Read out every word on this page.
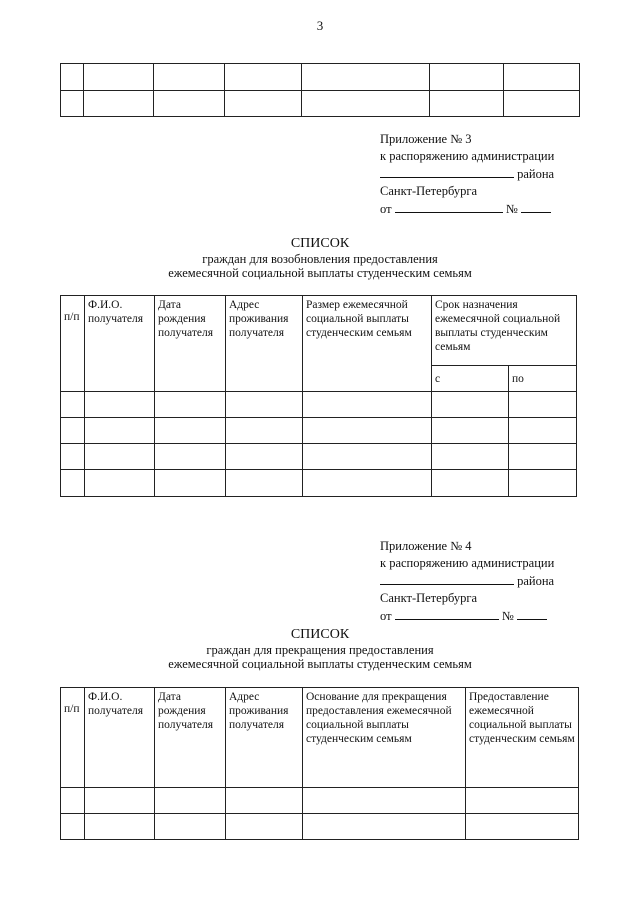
3

Приложение № 3
к распоряжению администрации
района
Санкт-Петербурга
от	№
СПИСОК
граждан для возобновления предоставления
ежемесячной социальной выплаты студенческим семьям
п/п	Ф.И.О. получателя	Дата рождения получателя	Адрес проживания получателя	Размер ежемесячной социальной выплаты студенческим семьям	Срок назначения ежемесячной социальной выплаты студенческим семьям	
					с	по

Приложение № 4
к распоряжению администрации
района
Санкт-Петербурга
от	№
СПИСОК
граждан для прекращения предоставления
ежемесячной социальной выплаты студенческим семьям
п/п	Ф.И.О. получателя	Дата рождения получателя	Адрес проживания получателя	Основание для прекращения предоставления ежемесячной социальной выплаты студенческим семьям	Предоставление ежемесячной социальной выплаты студенческим семьям
